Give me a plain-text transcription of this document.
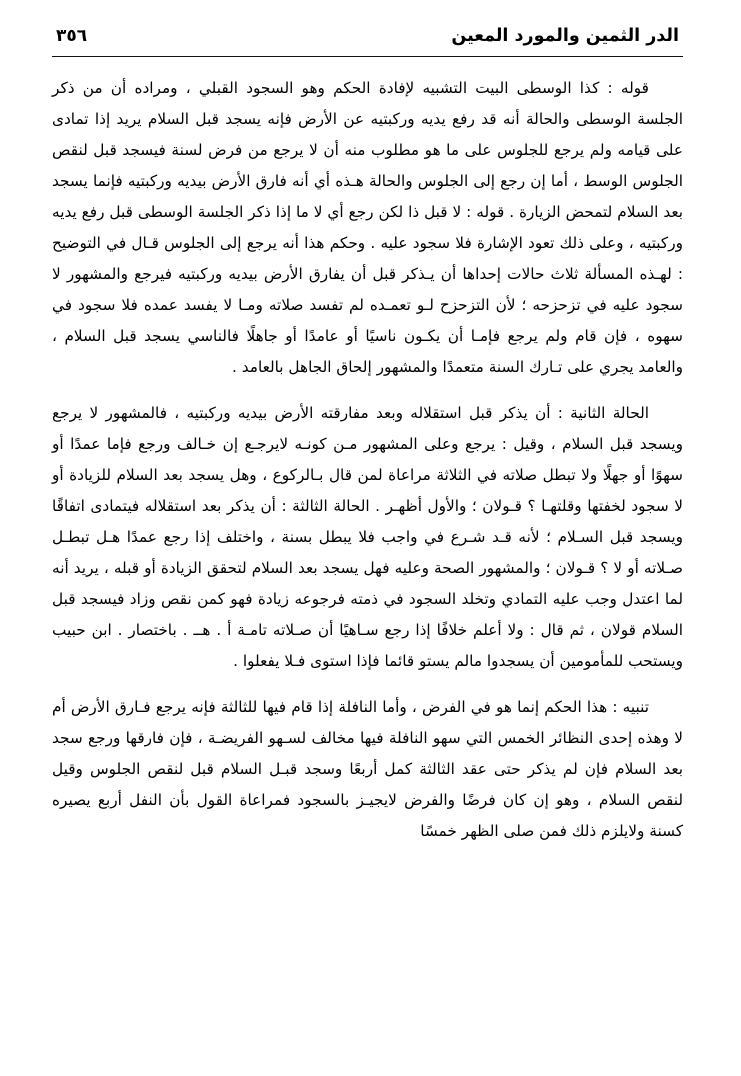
الدر الثمين والمورد المعين
٣٥٦

قوله : كذا الوسطى البيت التشبيه لإفادة الحكم وهو السجود القبلي ، ومراده أن من ذكر الجلسة الوسطى والحالة أنه قد رفع يديه وركبتيه عن الأرض فإنه يسجد قبل السلام يريد إذا تمادى على قيامه ولم يرجع للجلوس على ما هو مطلوب منه أن لا يرجع من فرض لسنة فيسجد قبل لنقص الجلوس الوسط ، أما إن رجع إلى الجلوس والحالة هـذه أي أنه فارق الأرض بيديه وركبتيه فإنما يسجد بعد السلام لتمحض الزيارة . قوله : لا قبل ذا لكن رجع أي لا ما إذا ذكر الجلسة الوسطى قبل رفع يديه وركبتيه ، وعلى ذلك تعود الإشارة فلا سجود عليه . وحكم هذا أنه يرجع إلى الجلوس قـال في التوضيح : لهـذه المسألة ثلاث حالات إحداها أن يـذكر قبل أن يفارق الأرض بيديه وركبتيه فيرجع والمشهور لا سجود عليه في تزحزحه ؛ لأن التزحزح لـو تعمـده لم تفسد صلاته ومـا لا يفسد عمده فلا سجود في سهوه ، فإن قام ولم يرجع فإمـا أن يكـون ناسيًا أو عامدًا أو جاهلًا فالناسي يسجد قبل السلام ، والعامد يجري على تـارك السنة متعمدًا والمشهور إلحاق الجاهل بالعامد .

الحالة الثانية : أن يذكر قبل استقلاله وبعد مفارقته الأرض بيديه وركبتيه ، فالمشهور لا يرجع ويسجد قبل السلام ، وقيل : يرجع وعلى المشهور مـن كونـه لايرجـع إن خـالف ورجع فإما عمدًا أو سهوًا أو جهلًا ولا تبطل صلاته في الثلاثة مراعاة لمن قال بـالركوع ، وهل يسجد بعد السلام للزيادة أو لا سجود لخفتها وقلتهـا ؟ قـولان ؛ والأول أظهـر . الحالة الثالثة : أن يذكر بعد استقلاله فيتمادى اتفاقًا ويسجد قبل السـلام ؛ لأنه قـد شـرع في واجب فلا يبطل بسنة ، واختلف إذا رجع عمدًا هـل تبطـل صـلاته أو لا ؟ قـولان ؛ والمشهور الصحة وعليه فهل يسجد بعد السلام لتحقق الزيادة أو قبله ، يريد أنه لما اعتدل وجب عليه التمادي وتخلد السجود في ذمته فرجوعه زيادة فهو كمن نقص وزاد فيسجد قبل السلام قولان ، ثم قال : ولا أعلم خلافًا إذا رجع سـاهيًا أن صـلاته تامـة أ . هــ . باختصار . ابن حبيب ويستحب للمأمومين أن يسجدوا مالم يستو قائما فإذا استوى فـلا يفعلوا .

تنبيه : هذا الحكم إنما هو في الفرض ، وأما النافلة إذا قام فيها للثالثة فإنه يرجع فـارق الأرض أم لا وهذه إحدى النظائر الخمس التي سهو النافلة فيها مخالف لسـهو الفريضـة ، فإن فارقها ورجع سجد بعد السلام فإن لم يذكر حتى عقد الثالثة كمل أربعًا وسجد قبـل السلام قبل لنقص الجلوس وقيل لنقص السلام ، وهو إن كان فرضًا والفرض لايجيـز بالسجود فمراعاة القول بأن النفل أربع يصيره كسنة ولايلزم ذلك فمن صلى الظهر خمسًا
